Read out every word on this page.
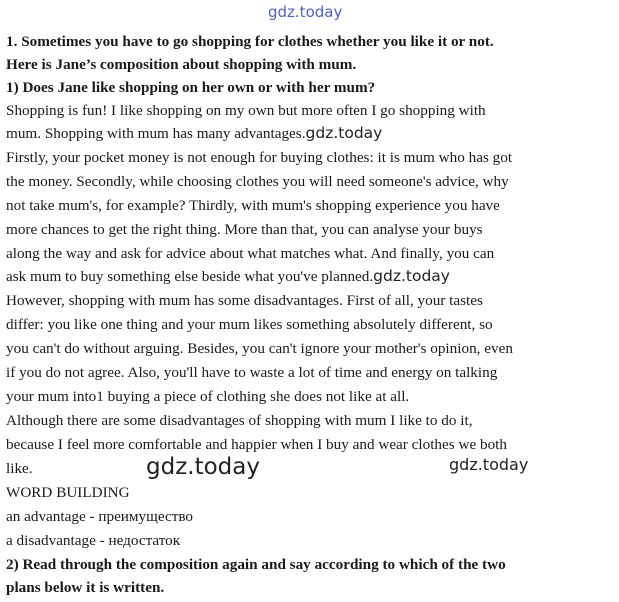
gdz.today
1. Sometimes you have to go shopping for clothes whether you like it or not.
Here is Jane’s composition about shopping with mum.
1) Does Jane like shopping on her own or with her mum?
Shopping is fun! I like shopping on my own but more often I go shopping with
mum. Shopping with mum has many advantages.gdz.today
Firstly, your pocket money is not enough for buying clothes: it is mum who has got
the money. Secondly, while choosing clothes you will need someone's advice, why
not take mum's, for example? Thirdly, with mum's shopping experience you have
more chances to get the right thing. More than that, you can analyse your buys
along the way and ask for advice about what matches what. And finally, you can
ask mum to buy something else beside what you've planned.gdz.today
However, shopping with mum has some disadvantages. First of all, your tastes
differ: you like one thing and your mum likes something absolutely different, so
you can't do without arguing. Besides, you can't ignore your mother's opinion, even
if you do not agree. Also, you'll have to waste a lot of time and energy on talking
your mum into1 buying a piece of clothing she does not like at all.
Although there are some disadvantages of shopping with mum I like to do it,
because I feel more comfortable and happier when I buy and wear clothes we both
like.	gdz.today	gdz.today
WORD BUILDING
an advantage - преимущество
a disadvantage - недостаток
2) Read through the composition again and say according to which of the two
plans below it is written.
